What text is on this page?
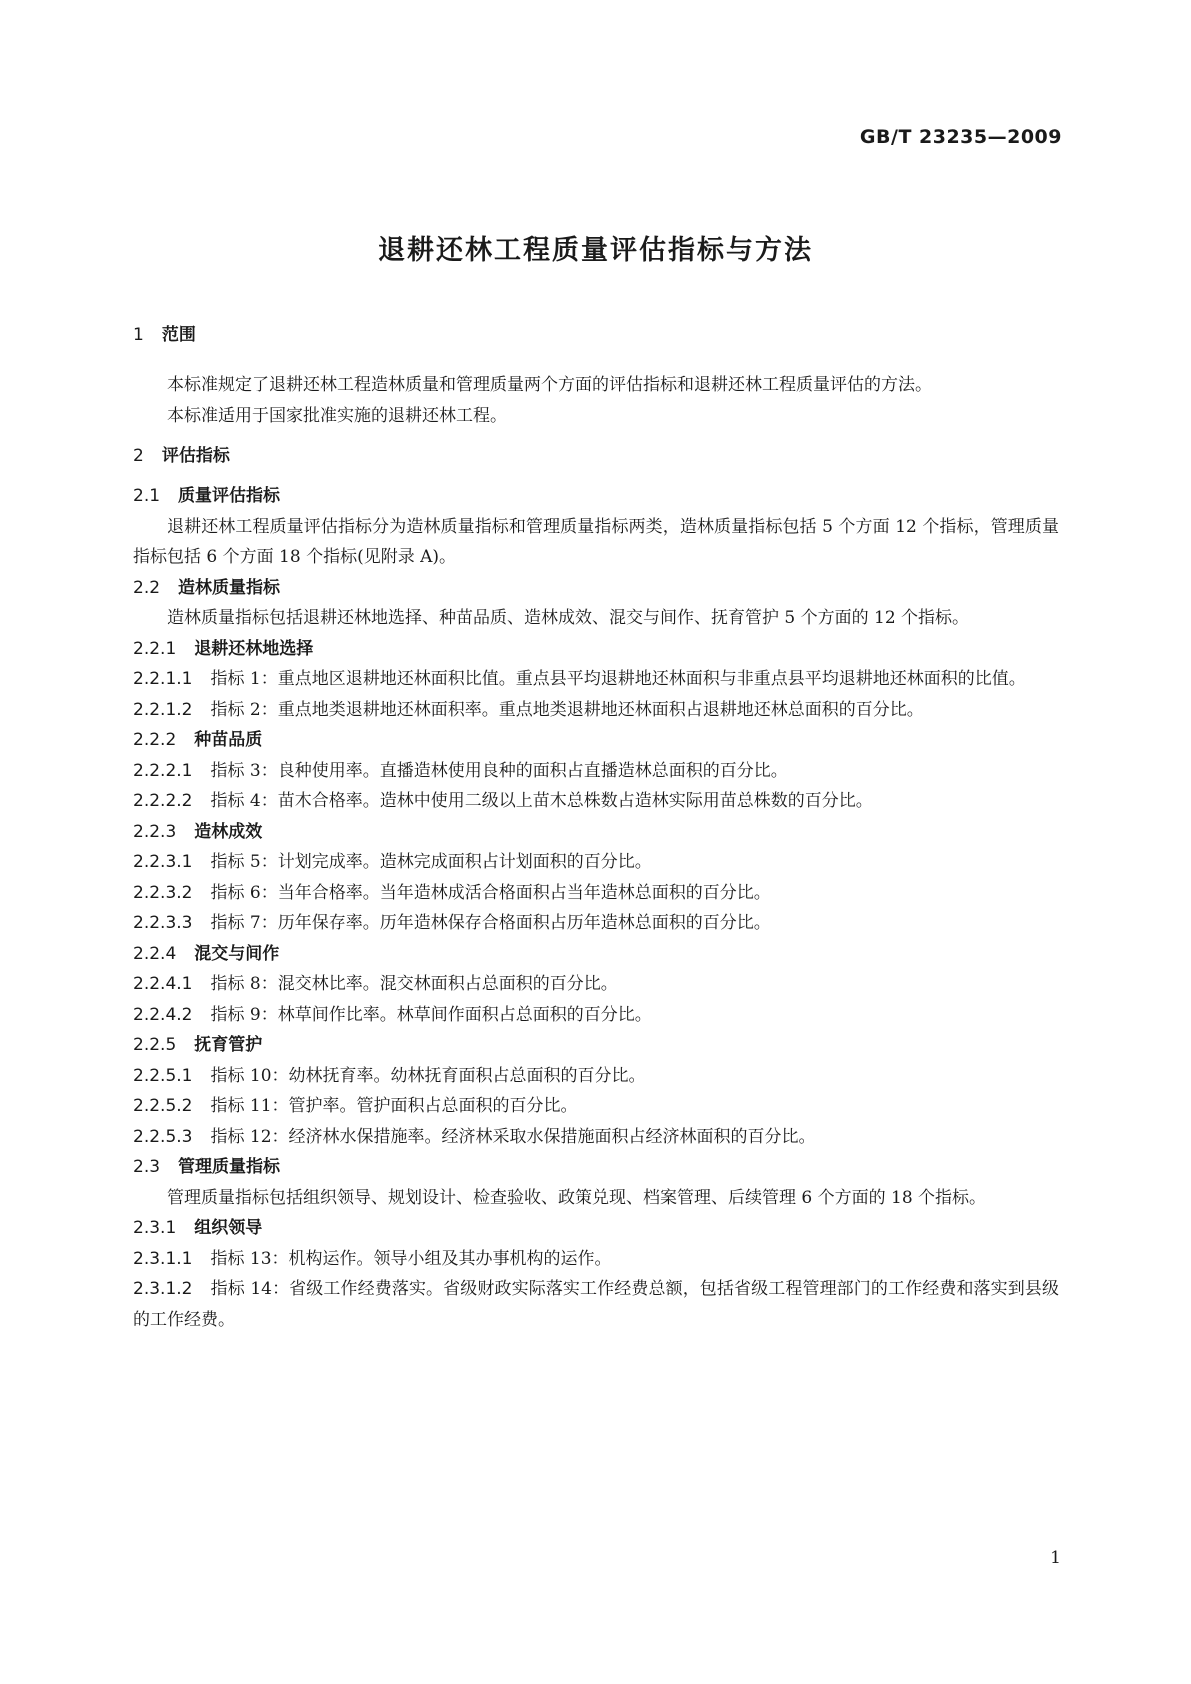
GB/T 23235—2009
退耕还林工程质量评估指标与方法
1 范围

本标准规定了退耕还林工程造林质量和管理质量两个方面的评估指标和退耕还林工程质量评估的方法。

本标准适用于国家批准实施的退耕还林工程。

2 评估指标
2.1 质量评估指标

退耕还林工程质量评估指标分为造林质量指标和管理质量指标两类，造林质量指标包括 5 个方面 12 个指标，管理质量指标包括 6 个方面 18 个指标(见附录 A)。

2.2 造林质量指标

造林质量指标包括退耕还林地选择、种苗品质、造林成效、混交与间作、抚育管护 5 个方面的 12 个指标。

2.2.1 退耕还林地选择

2.2.1.1 指标 1：重点地区退耕地还林面积比值。重点县平均退耕地还林面积与非重点县平均退耕地还林面积的比值。

2.2.1.2 指标 2：重点地类退耕地还林面积率。重点地类退耕地还林面积占退耕地还林总面积的百分比。

2.2.2 种苗品质

2.2.2.1 指标 3：良种使用率。直播造林使用良种的面积占直播造林总面积的百分比。

2.2.2.2 指标 4：苗木合格率。造林中使用二级以上苗木总株数占造林实际用苗总株数的百分比。

2.2.3 造林成效

2.2.3.1 指标 5：计划完成率。造林完成面积占计划面积的百分比。

2.2.3.2 指标 6：当年合格率。当年造林成活合格面积占当年造林总面积的百分比。

2.2.3.3 指标 7：历年保存率。历年造林保存合格面积占历年造林总面积的百分比。

2.2.4 混交与间作

2.2.4.1 指标 8：混交林比率。混交林面积占总面积的百分比。

2.2.4.2 指标 9：林草间作比率。林草间作面积占总面积的百分比。

2.2.5 抚育管护

2.2.5.1 指标 10：幼林抚育率。幼林抚育面积占总面积的百分比。

2.2.5.2 指标 11：管护率。管护面积占总面积的百分比。

2.2.5.3 指标 12：经济林水保措施率。经济林采取水保措施面积占经济林面积的百分比。

2.3 管理质量指标

管理质量指标包括组织领导、规划设计、检查验收、政策兑现、档案管理、后续管理 6 个方面的 18 个指标。

2.3.1 组织领导

2.3.1.1 指标 13：机构运作。领导小组及其办事机构的运作。

2.3.1.2 指标 14：省级工作经费落实。省级财政实际落实工作经费总额，包括省级工程管理部门的工作经费和落实到县级的工作经费。

1
